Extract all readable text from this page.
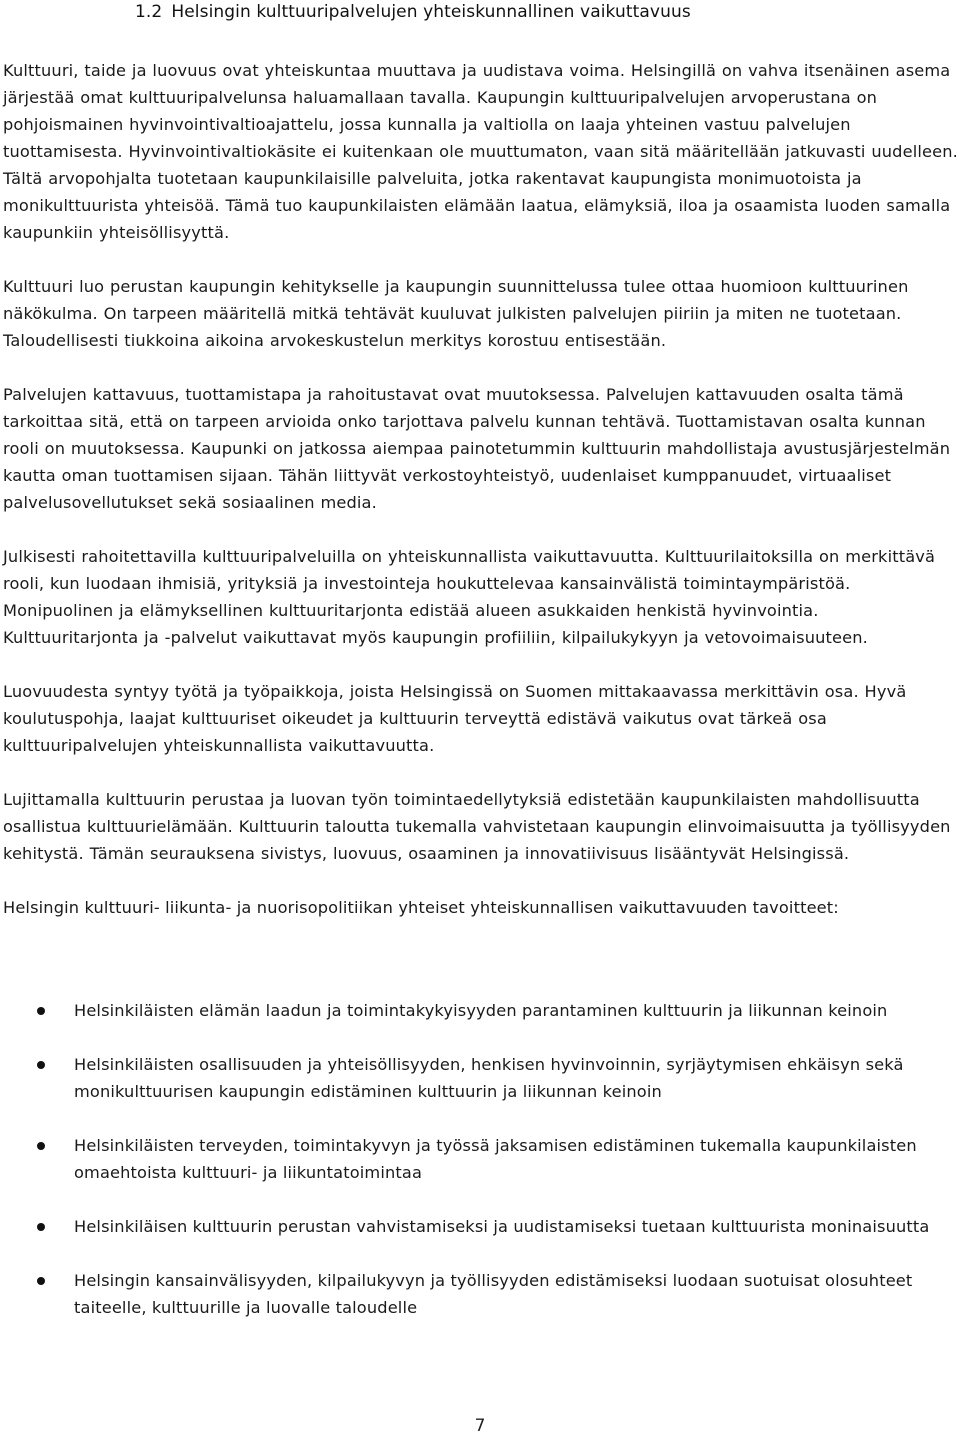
1.2 Helsingin kulttuuripalvelujen yhteiskunnallinen vaikuttavuus

Kulttuuri, taide ja luovuus ovat yhteiskuntaa muuttava ja uudistava voima. Helsingillä on vahva itsenäinen asema järjestää omat kulttuuripalvelunsa haluamallaan tavalla. Kaupungin kulttuuripalvelujen arvoperustana on pohjoismainen hyvinvointivaltioajattelu, jossa kunnalla ja valtiolla on laaja yhteinen vastuu palvelujen tuottamisesta. Hyvinvointivaltiokäsite ei kuitenkaan ole muuttumaton, vaan sitä määritellään jatkuvasti uudelleen. Tältä arvopohjalta tuotetaan kaupunkilaisille palveluita, jotka rakentavat kaupungista monimuotoista ja monikulttuurista yhteisöä. Tämä tuo kaupunkilaisten elämään laatua, elämyksiä, iloa ja osaamista luoden samalla kaupunkiin yhteisöllisyyttä.

Kulttuuri luo perustan kaupungin kehitykselle ja kaupungin suunnittelussa tulee ottaa huomioon kulttuurinen näkökulma. On tarpeen määritellä mitkä tehtävät kuuluvat julkisten palvelujen piiriin ja miten ne tuotetaan. Taloudellisesti tiukkoina aikoina arvokeskustelun merkitys korostuu entisestään.

Palvelujen kattavuus, tuottamistapa ja rahoitustavat ovat muutoksessa. Palvelujen kattavuuden osalta tämä tarkoittaa sitä, että on tarpeen arvioida onko tarjottava palvelu kunnan tehtävä. Tuottamistavan osalta kunnan rooli on muutoksessa. Kaupunki on jatkossa aiempaa painotetummin kulttuurin mahdollistaja avustusjärjestelmän kautta oman tuottamisen sijaan. Tähän liittyvät verkostoyhteistyö, uudenlaiset kumppanuudet, virtuaaliset palvelusovellutukset sekä sosiaalinen media.

Julkisesti rahoitettavilla kulttuuripalveluilla on yhteiskunnallista vaikuttavuutta. Kulttuurilaitoksilla on merkittävä rooli, kun luodaan ihmisiä, yrityksiä ja investointeja houkuttelevaa kansainvälistä toimintaympäristöä. Monipuolinen ja elämyksellinen kulttuuritarjonta edistää alueen asukkaiden henkistä hyvinvointia. Kulttuuritarjonta ja -palvelut vaikuttavat myös kaupungin profiiliin, kilpailukykyyn ja vetovoimaisuuteen.

Luovuudesta syntyy työtä ja työpaikkoja, joista Helsingissä on Suomen mittakaavassa merkittävin osa. Hyvä koulutuspohja, laajat kulttuuriset oikeudet ja kulttuurin terveyttä edistävä vaikutus ovat tärkeä osa kulttuuripalvelujen yhteiskunnallista vaikuttavuutta.

Lujittamalla kulttuurin perustaa ja luovan työn toimintaedellytyksiä edistetään kaupunkilaisten mahdollisuutta osallistua kulttuurielämään. Kulttuurin taloutta tukemalla vahvistetaan kaupungin elinvoimaisuutta ja työllisyyden kehitystä. Tämän seurauksena sivistys, luovuus, osaaminen ja innovatiivisuus lisääntyvät Helsingissä.

Helsingin kulttuuri- liikunta- ja nuorisopolitiikan yhteiset yhteiskunnallisen vaikuttavuuden tavoitteet:

Helsinkiläisten elämän laadun ja toimintakykyisyyden parantaminen kulttuurin ja liikunnan keinoin
Helsinkiläisten osallisuuden ja yhteisöllisyyden, henkisen hyvinvoinnin, syrjäytymisen ehkäisyn sekä monikulttuurisen kaupungin edistäminen kulttuurin ja liikunnan keinoin
Helsinkiläisten terveyden, toimintakyvyn ja työssä jaksamisen edistäminen tukemalla kaupunkilaisten omaehtoista kulttuuri- ja liikuntatoimintaa
Helsinkiläisen kulttuurin perustan vahvistamiseksi ja uudistamiseksi tuetaan kulttuurista moninaisuutta
Helsingin kansainvälisyyden, kilpailukyvyn ja työllisyyden edistämiseksi luodaan suotuisat olosuhteet taiteelle, kulttuurille ja luovalle taloudelle
7
